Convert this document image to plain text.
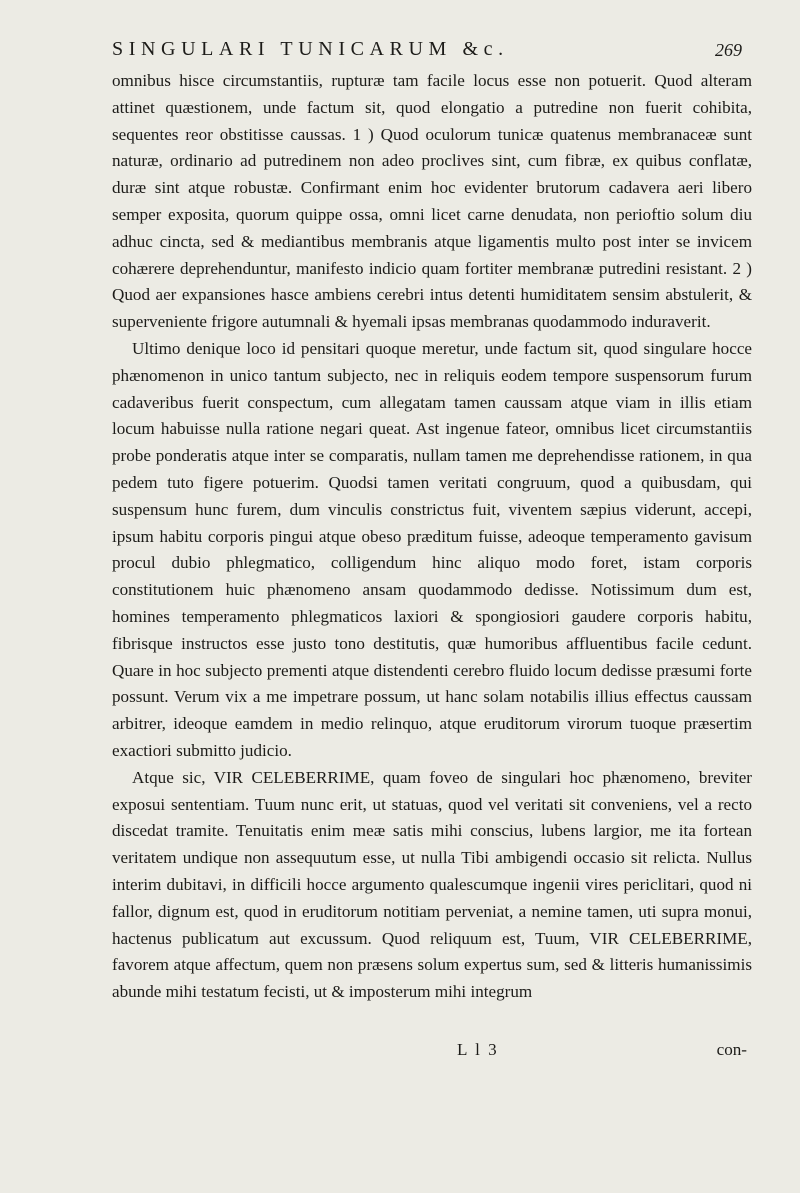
SINGULARI TUNICARUM &c.	269

omnibus hisce circumstantiis, rupturæ tam facile locus esse non potuerit. Quod alteram attinet quæstionem, unde factum sit, quod elongatio a putredine non fuerit cohibita, sequentes reor obstitisse caussas. 1 ) Quod oculorum tunicæ quatenus membranaceæ sunt naturæ, ordinario ad putredinem non adeo proclives sint, cum fibræ, ex quibus conflatæ, duræ sint atque robustæ. Confirmant enim hoc evidenter brutorum cadavera aeri libero semper exposita, quorum quippe ossa, omni licet carne denudata, non perioftio solum diu adhuc cincta, sed & mediantibus membranis atque ligamentis multo post inter se invicem cohærere deprehenduntur, manifesto indicio quam fortiter membranæ putredini resistant. 2 ) Quod aer expansiones hasce ambiens cerebri intus detenti humiditatem sensim abstulerit, & superveniente frigore autumnali & hyemali ipsas membranas quodammodo induraverit.

Ultimo denique loco id pensitari quoque meretur, unde factum sit, quod singulare hocce phænomenon in unico tantum subjecto, nec in reliquis eodem tempore suspensorum furum cadaveribus fuerit conspectum, cum allegatam tamen caussam atque viam in illis etiam locum habuisse nulla ratione negari queat. Ast ingenue fateor, omnibus licet circumstantiis probe ponderatis atque inter se comparatis, nullam tamen me deprehendisse rationem, in qua pedem tuto figere potuerim. Quodsi tamen veritati congruum, quod a quibusdam, qui suspensum hunc furem, dum vinculis constrictus fuit, viventem sæpius viderunt, accepi, ipsum habitu corporis pingui atque obeso præditum fuisse, adeoque temperamento gavisum procul dubio phlegmatico, colligendum hinc aliquo modo foret, istam corporis constitutionem huic phænomeno ansam quodammodo dedisse. Notissimum dum est, homines temperamento phlegmaticos laxiori & spongiosiori gaudere corporis habitu, fibrisque instructos esse justo tono destitutis, quæ humoribus affluentibus facile cedunt. Quare in hoc subjecto prementi atque distendenti cerebro fluido locum dedisse præsumi forte possunt. Verum vix a me impetrare possum, ut hanc solam notabilis illius effectus caussam arbitrer, ideoque eamdem in medio relinquo, atque eruditorum virorum tuoque præsertim exactiori submitto judicio.

Atque sic, VIR CELEBERRIME, quam foveo de singulari hoc phænomeno, breviter exposui sententiam. Tuum nunc erit, ut statuas, quod vel veritati sit conveniens, vel a recto discedat tramite. Tenuitatis enim meæ satis mihi conscius, lubens largior, me ita fortean veritatem undique non assequutum esse, ut nulla Tibi ambigendi occasio sit relicta. Nullus interim dubitavi, in difficili hocce argumento qualescumque ingenii vires periclitari, quod ni fallor, dignum est, quod in eruditorum notitiam perveniat, a nemine tamen, uti supra monui, hactenus publicatum aut excussum. Quod reliquum est, Tuum, VIR CELEBERRIME, favorem atque affectum, quem non præsens solum expertus sum, sed & litteris humanissimis abunde mihi testatum fecisti, ut & imposterum mihi integrum

L l 3	con-
